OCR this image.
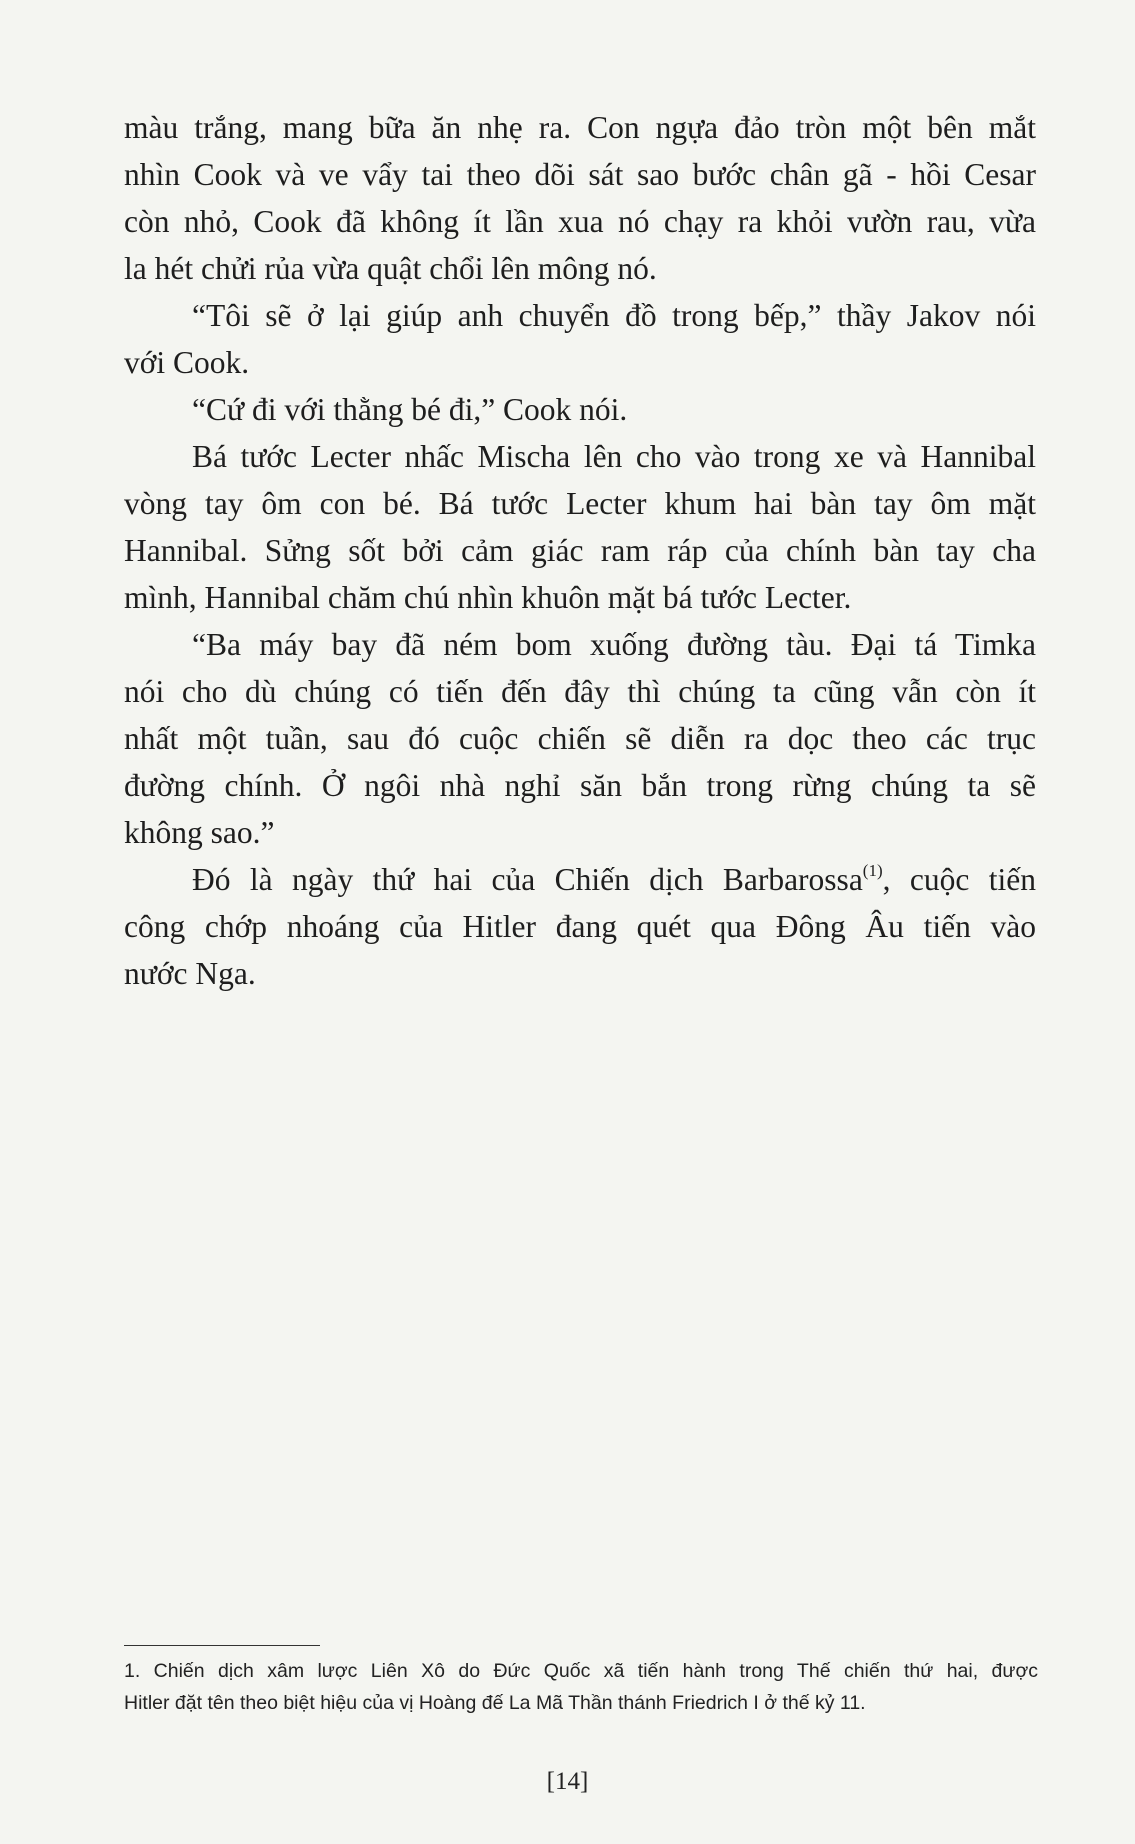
màu trắng, mang bữa ăn nhẹ ra. Con ngựa đảo tròn một bên mắt
nhìn Cook và ve vẩy tai theo dõi sát sao bước chân gã - hồi Cesar
còn nhỏ, Cook đã không ít lần xua nó chạy ra khỏi vườn rau, vừa
la hét chửi rủa vừa quật chổi lên mông nó.
“Tôi sẽ ở lại giúp anh chuyển đồ trong bếp,” thầy Jakov nói
với Cook.
“Cứ đi với thằng bé đi,” Cook nói.
Bá tước Lecter nhấc Mischa lên cho vào trong xe và Hannibal
vòng tay ôm con bé. Bá tước Lecter khum hai bàn tay ôm mặt
Hannibal. Sửng sốt bởi cảm giác ram ráp của chính bàn tay cha
mình, Hannibal chăm chú nhìn khuôn mặt bá tước Lecter.
“Ba máy bay đã ném bom xuống đường tàu. Đại tá Timka
nói cho dù chúng có tiến đến đây thì chúng ta cũng vẫn còn ít
nhất một tuần, sau đó cuộc chiến sẽ diễn ra dọc theo các trục
đường chính. Ở ngôi nhà nghỉ săn bắn trong rừng chúng ta sẽ
không sao.”
Đó là ngày thứ hai của Chiến dịch Barbarossa$^{(1)}$, cuộc tiến
công chớp nhoáng của Hitler đang quét qua Đông Âu tiến vào
nước Nga.
1. Chiến dịch xâm lược Liên Xô do Đức Quốc xã tiến hành trong Thế chiến thứ hai, được
Hitler đặt tên theo biệt hiệu của vị Hoàng đế La Mã Thần thánh Friedrich I ở thế kỷ 11.
[14]
